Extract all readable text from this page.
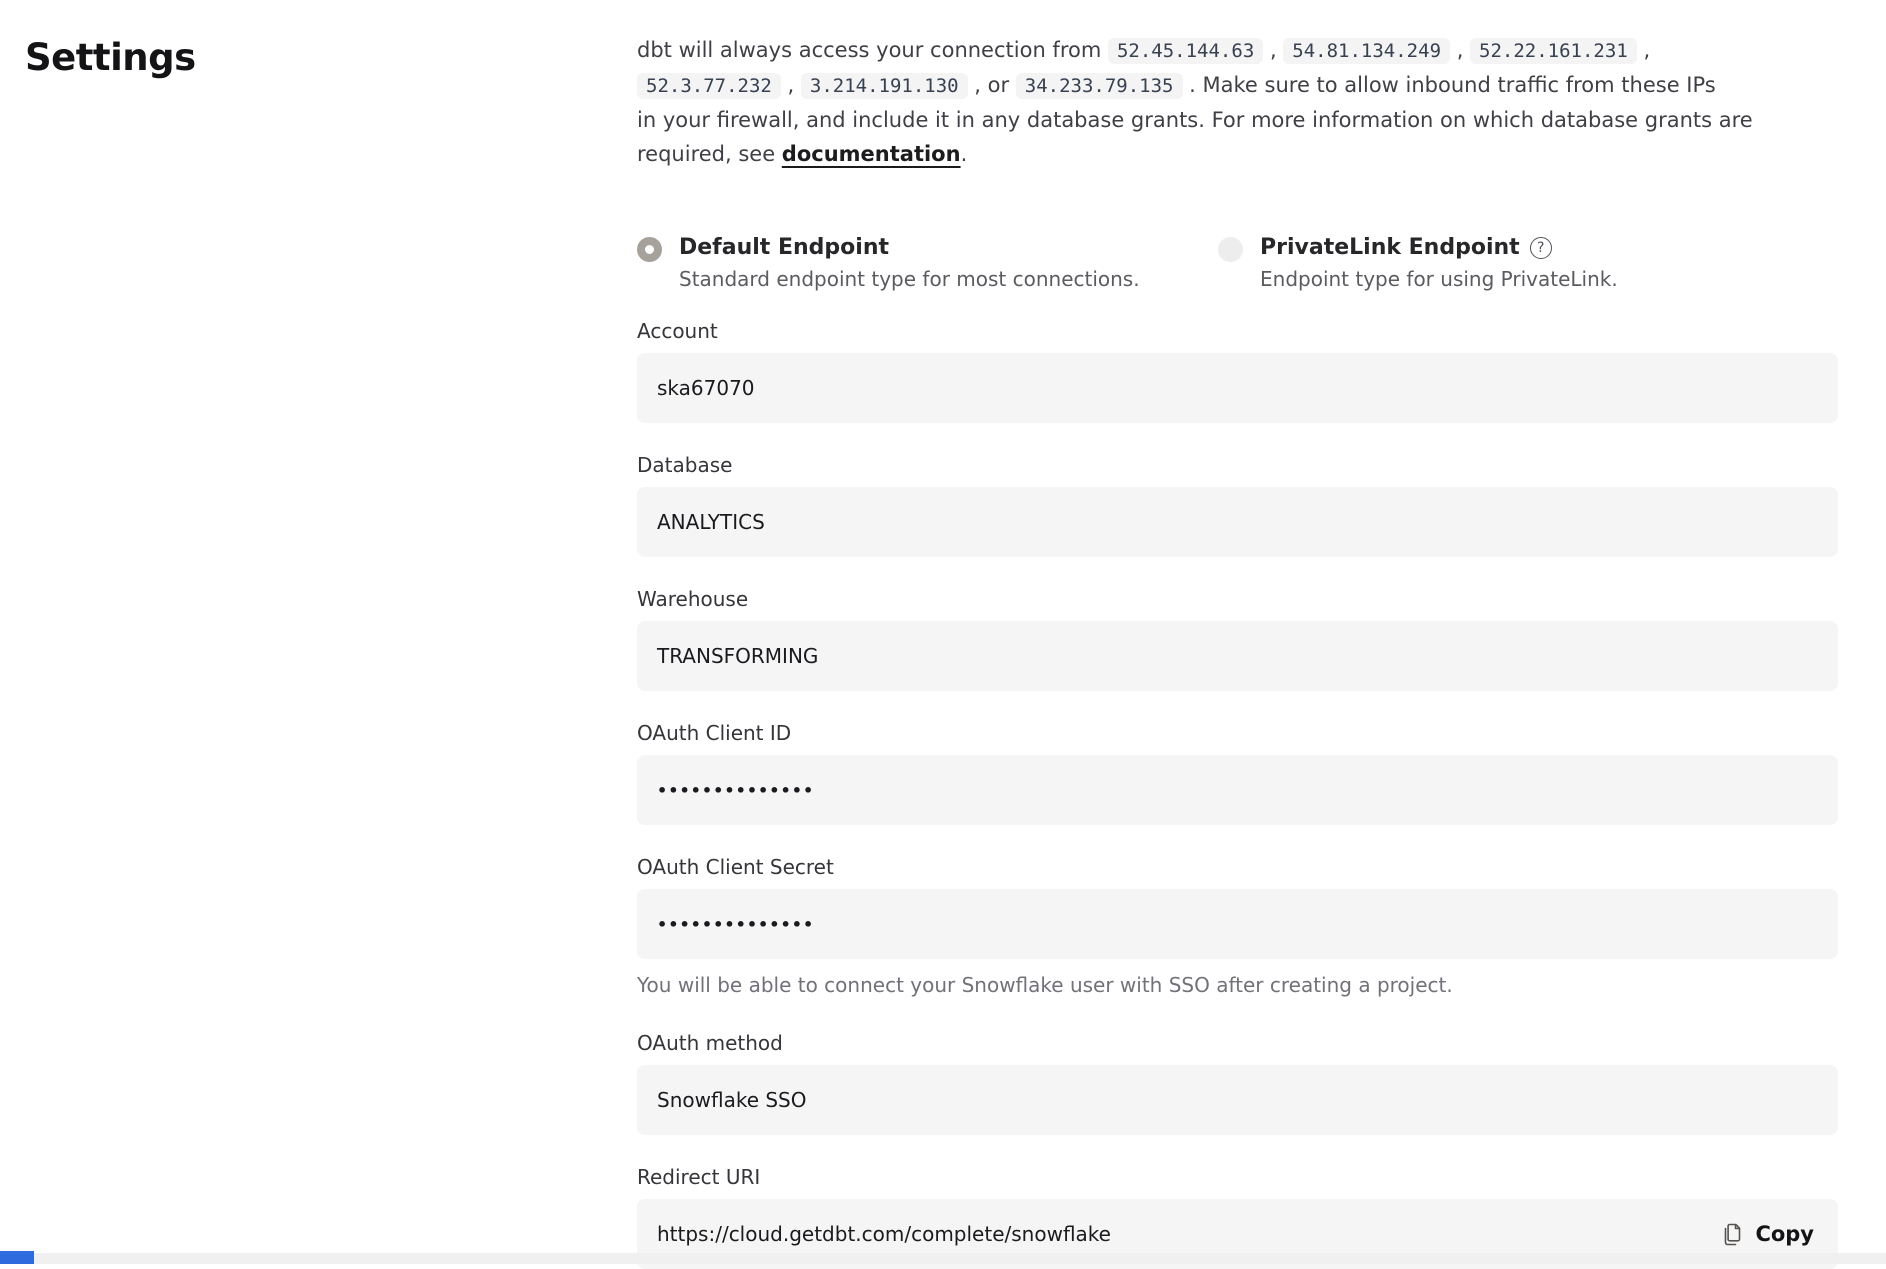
Settings	dbt will always access your connection from 52.45.144.63 , 54.81.134.249 , 52.22.161.231 ,
52.3.77.232 , 3.214.191.130 , or 34.233.79.135 . Make sure to allow inbound traffic from these IPs
in your firewall, and include it in any database grants. For more information on which database grants are
required, see documentation.

Default Endpoint
Standard endpoint type for most connections.
PrivateLink Endpoint	?
Endpoint type for using PrivateLink.
Account
ska67070
Database
ANALYTICS
Warehouse
TRANSFORMING
OAuth Client ID
••••••••••••••
OAuth Client Secret
••••••••••••••
You will be able to connect your Snowflake user with SSO after creating a project.
OAuth method
Snowflake SSO
Redirect URI
https://cloud.getdbt.com/complete/snowflake	Copy
